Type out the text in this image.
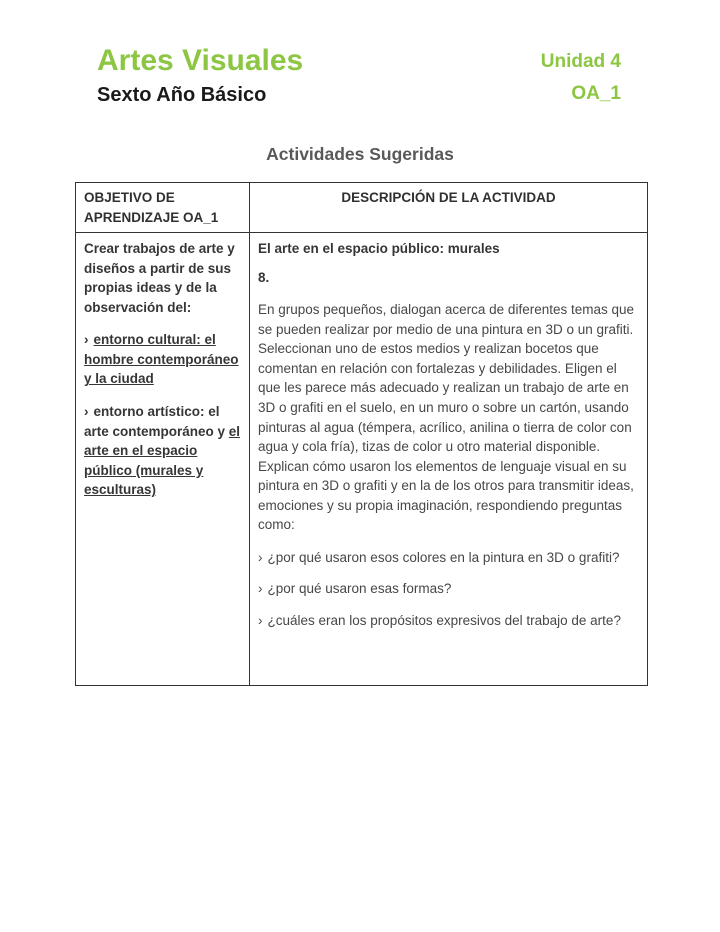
Artes Visuales
Sexto Año Básico
Unidad 4
OA_1
Actividades Sugeridas
OBJETIVO DE APRENDIZAJE OA_1
DESCRIPCIÓN DE LA ACTIVIDAD

Crear trabajos de arte y diseños a partir de sus propias ideas y de la observación del:

› entorno cultural: el hombre contemporáneo y la ciudad

› entorno artístico: el arte contemporáneo y el arte en el espacio público (murales y esculturas)

El arte en el espacio público: murales

8.

En grupos pequeños, dialogan acerca de diferentes temas que se pueden realizar por medio de una pintura en 3D o un grafiti. Seleccionan uno de estos medios y realizan bocetos que comentan en relación con fortalezas y debilidades. Eligen el que les parece más adecuado y realizan un trabajo de arte en 3D o grafiti en el suelo, en un muro o sobre un cartón, usando pinturas al agua (témpera, acrílico, anilina o tierra de color con agua y cola fría), tizas de color u otro material disponible. Explican cómo usaron los elementos de lenguaje visual en su pintura en 3D o grafiti y en la de los otros para transmitir ideas, emociones y su propia imaginación, respondiendo preguntas como:

› ¿por qué usaron esos colores en la pintura en 3D o grafiti?

› ¿por qué usaron esas formas?

› ¿cuáles eran los propósitos expresivos del trabajo de arte?
